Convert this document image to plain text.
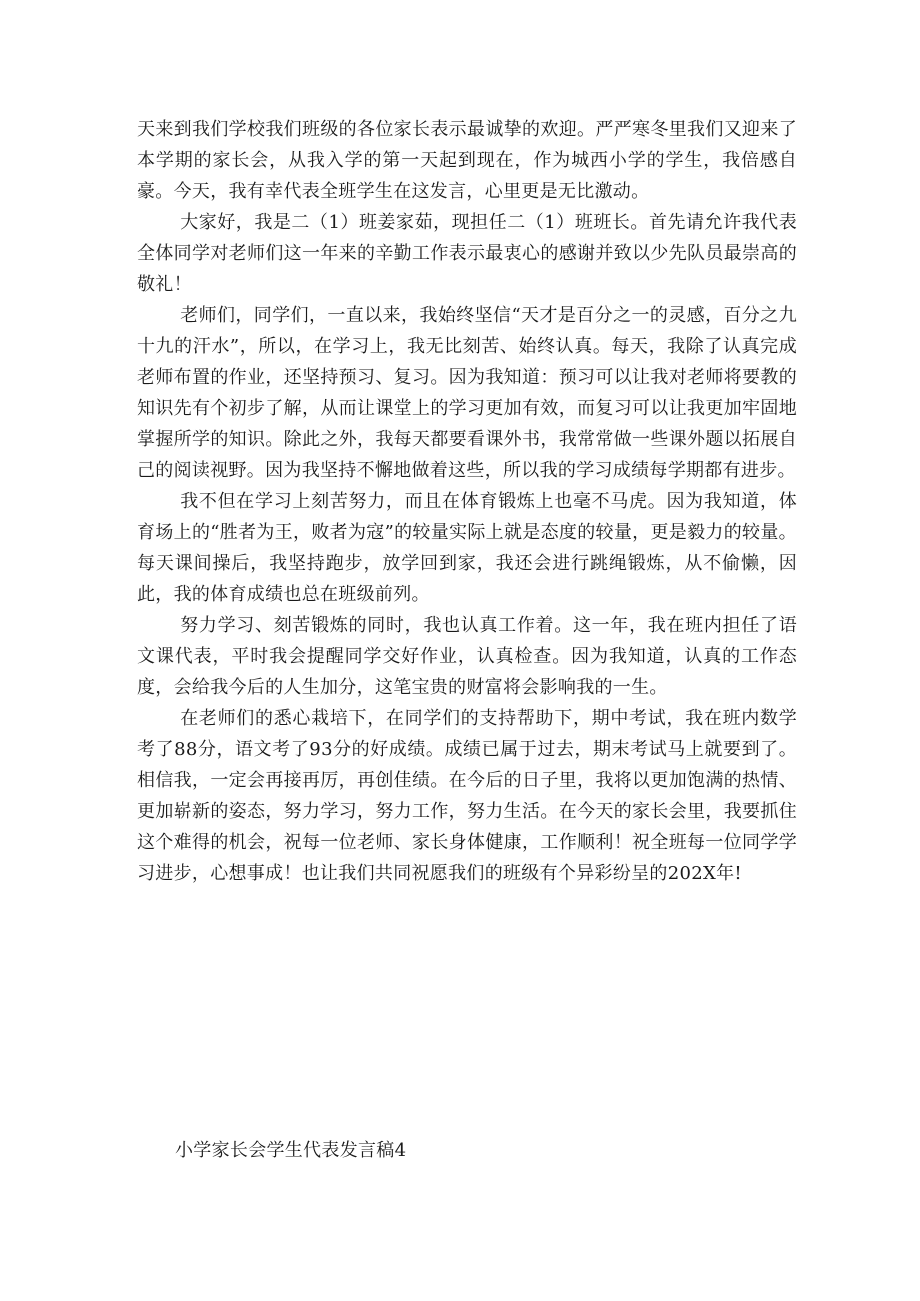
天来到我们学校我们班级的各位家长表示最诚挚的欢迎。严严寒冬里我们又迎来了本学期的家长会，从我入学的第一天起到现在，作为城西小学的学生，我倍感自豪。今天，我有幸代表全班学生在这发言，心里更是无比激动。

大家好，我是二（1）班姜家茹，现担任二（1）班班长。首先请允许我代表全体同学对老师们这一年来的辛勤工作表示最衷心的感谢并致以少先队员最崇高的敬礼！

老师们，同学们，一直以来，我始终坚信“天才是百分之一的灵感，百分之九十九的汗水”，所以，在学习上，我无比刻苦、始终认真。每天，我除了认真完成老师布置的作业，还坚持预习、复习。因为我知道：预习可以让我对老师将要教的知识先有个初步了解，从而让课堂上的学习更加有效，而复习可以让我更加牢固地掌握所学的知识。除此之外，我每天都要看课外书，我常常做一些课外题以拓展自己的阅读视野。因为我坚持不懈地做着这些，所以我的学习成绩每学期都有进步。

我不但在学习上刻苦努力，而且在体育锻炼上也毫不马虎。因为我知道，体育场上的“胜者为王，败者为寇”的较量实际上就是态度的较量，更是毅力的较量。每天课间操后，我坚持跑步，放学回到家，我还会进行跳绳锻炼，从不偷懒，因此，我的体育成绩也总在班级前列。

努力学习、刻苦锻炼的同时，我也认真工作着。这一年，我在班内担任了语文课代表，平时我会提醒同学交好作业，认真检查。因为我知道，认真的工作态度，会给我今后的人生加分，这笔宝贵的财富将会影响我的一生。

在老师们的悉心栽培下，在同学们的支持帮助下，期中考试，我在班内数学考了88分，语文考了93分的好成绩。成绩已属于过去，期末考试马上就要到了。相信我，一定会再接再厉，再创佳绩。在今后的日子里，我将以更加饱满的热情、更加崭新的姿态，努力学习，努力工作，努力生活。在今天的家长会里，我要抓住这个难得的机会，祝每一位老师、家长身体健康，工作顺利！祝全班每一位同学学习进步，心想事成！也让我们共同祝愿我们的班级有个异彩纷呈的202X年!

小学家长会学生代表发言稿4
